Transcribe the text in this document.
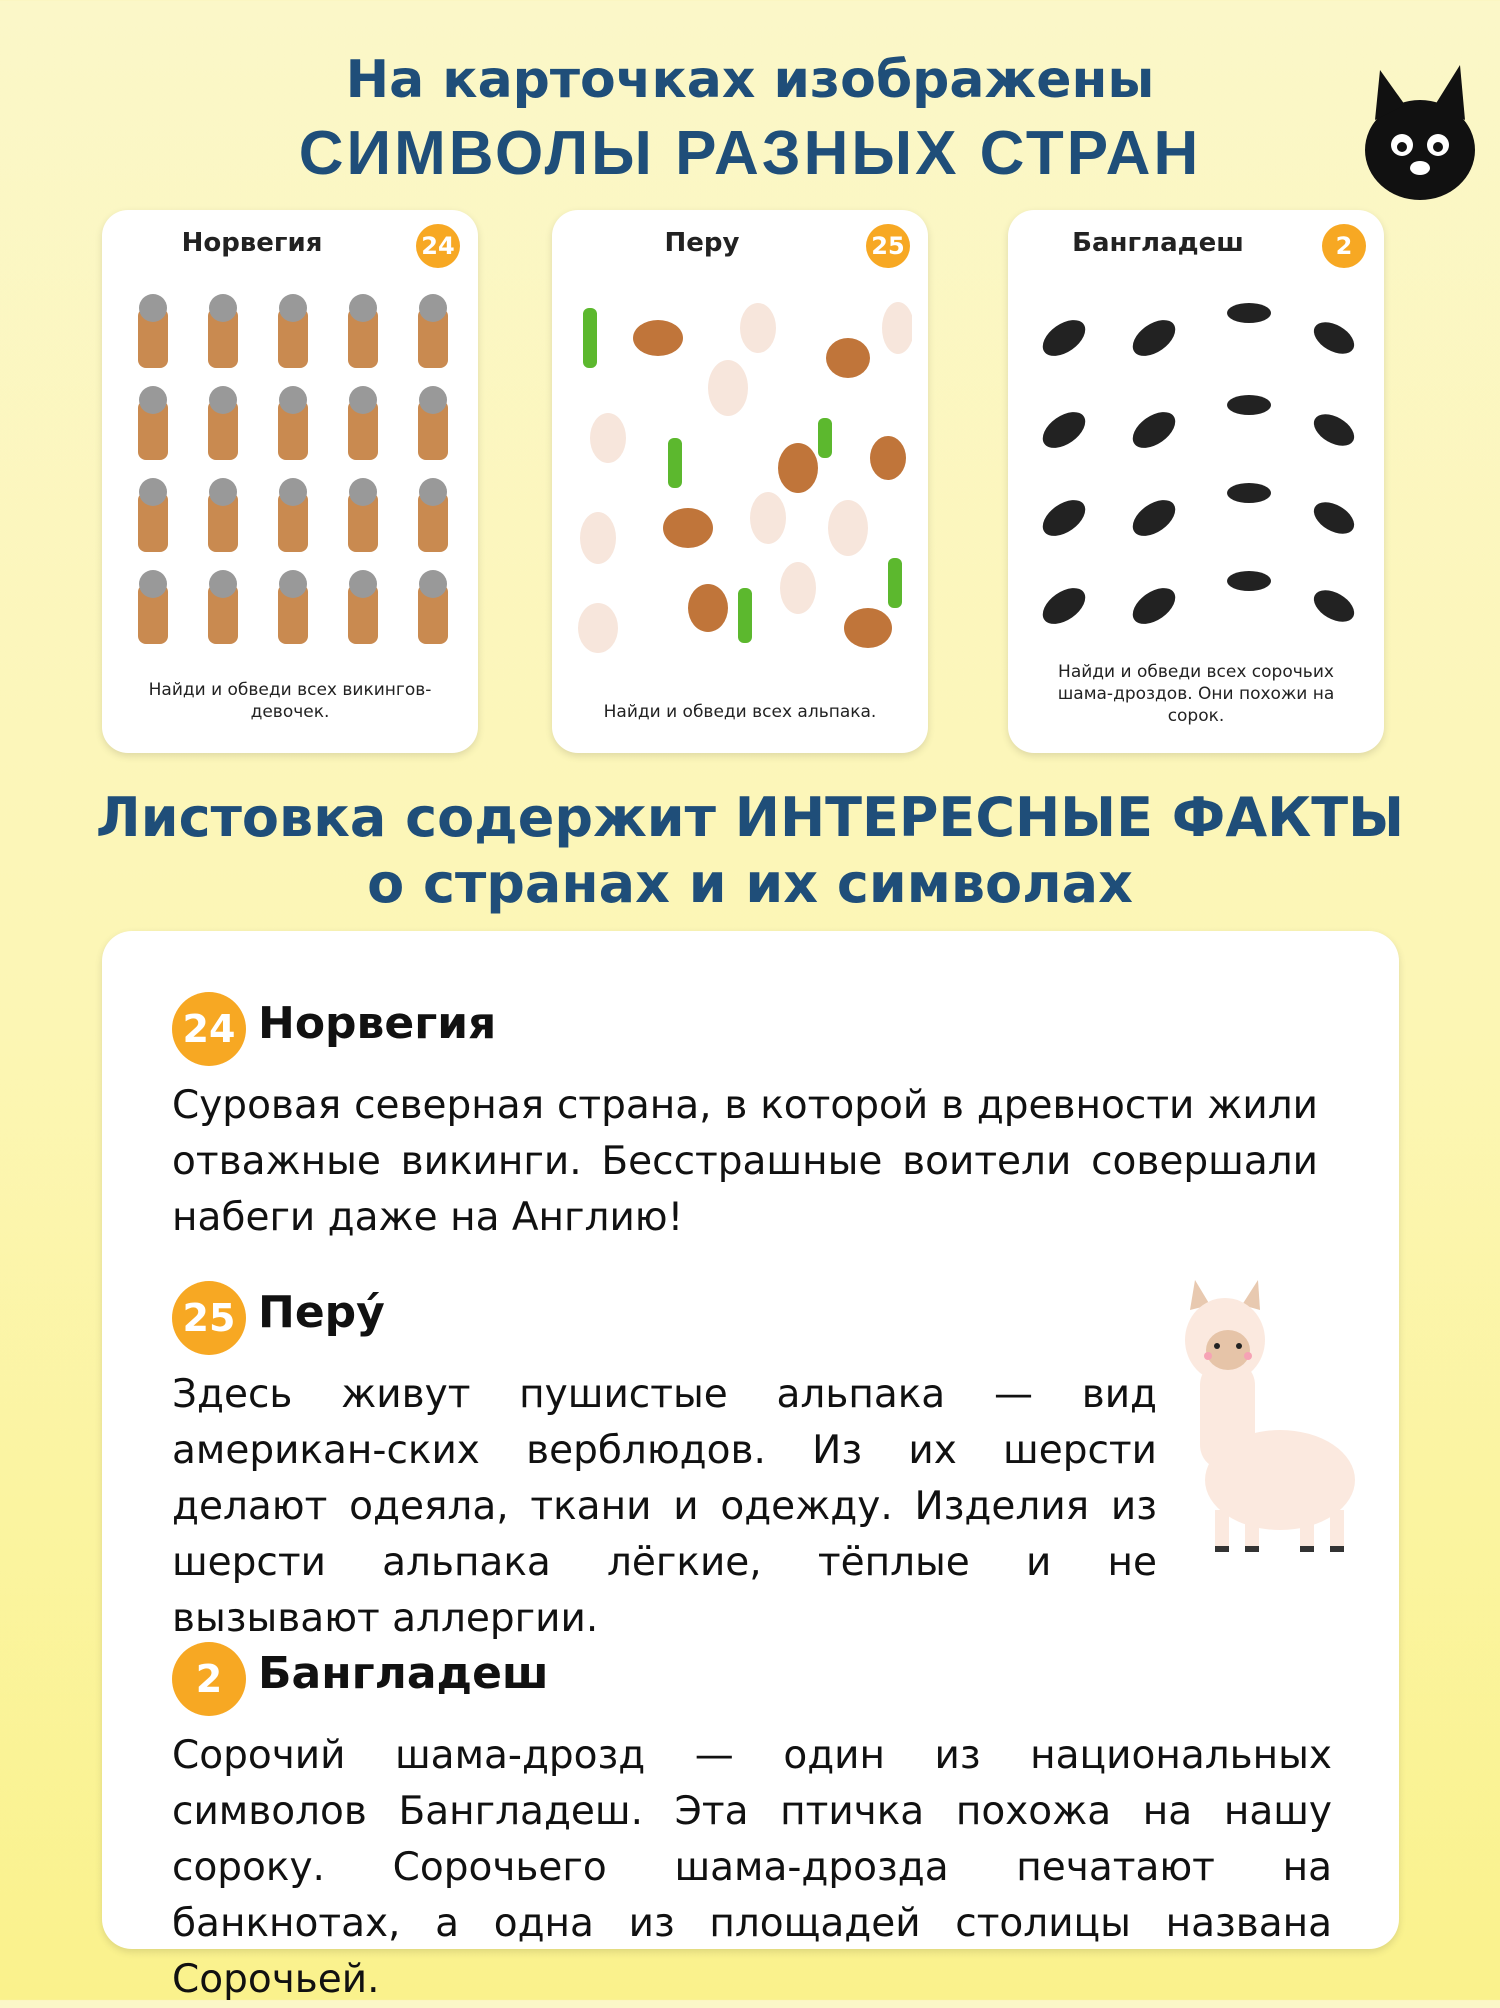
На карточках изображены
СИМВОЛЫ РАЗНЫХ СТРАН
Норвегия	24
Найди и обведи всех викингов-девочек.
Перу	25
Найди и обведи всех альпака.
Бангладеш	2
Найди и обведи всех сорочьих шама-дроздов. Они похожи на сорок.
Листовка содержит ИНТЕРЕСНЫЕ ФАКТЫ
о странах и их символах
24 Норвегия
Суровая северная страна, в которой в древности жили отважные викинги. Бесстрашные воители совершали набеги даже на Англию!
25 Перу́
Здесь живут пушистые альпака — вид американ-ских верблюдов. Из их шерсти делают одеяла, ткани и одежду. Изделия из шерсти альпака лёгкие, тёплые и не вызывают аллергии.
2 Бангладеш
Сорочий шама-дрозд — один из национальных символов Бангладеш. Эта птичка похожа на нашу сороку. Сорочьего шама-дрозда печатают на банкнотах, а одна из площадей столицы названа Сорочьей.
